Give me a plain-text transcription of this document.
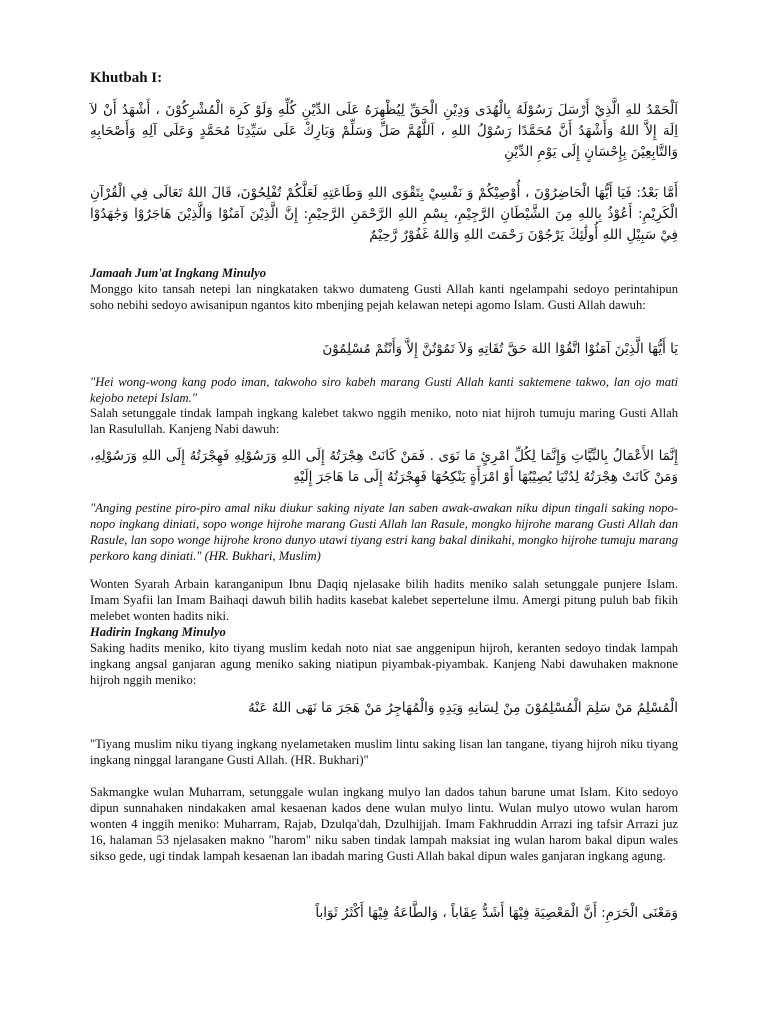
Khutbah I:
اَلْحَمْدُ للهِ الَّذِيْ أَرْسَلَ رَسُوْلَهُ بِالْهُدَى وَدِيْنِ الْحَقِّ لِيُظْهِرَهُ عَلَى الدِّيْنِ كُلِّهِ وَلَوْ كَرِهَ الْمُشْرِكُوْنَ ، أَشْهَدُ أَنْ لاَ اِلَهَ إِلاَّ اللهُ وَأَشْهَدُ أَنَّ مُحَمَّدًا رَسُوْلُ اللهِ ، اَللَّهُمَّ صَلِّ وَسَلِّمْ وَبَارِكْ عَلَى سَيِّدِنَا مُحَمَّدٍ وَعَلَى آلِهِ وَأَصْحَابِهِ وَالتَّابِعِيْنَ بِإِحْسَانٍ إِلَى يَوْمِ الدِّيْنِ
أَمَّا بَعْدُ: فَيَا أَيُّهَا الْحَاضِرُوْنَ ، أُوْصِيْكُمْ وَ نَفْسِيْ بِتَقْوَى اللهِ وَطَاعَتِهِ لَعَلَّكُمْ تُفْلِحُوْنَ، قَالَ اللهُ تَعَالَى فِي الْقُرْآنِ الْكَرِيْمِ: أَعُوْذُ بِاللهِ مِنَ الشَّيْطَانِ الرَّجِيْمِ، بِسْمِ اللهِ الرَّحْمَنِ الرَّحِيْمِ: إِنَّ الَّذِيْنَ آمَنُوْا وَالَّذِيْنَ هَاجَرُوْا وَجَٰهَدُوْا فِيْ سَبِيْلِ اللهِ أُولَٰئِكَ يَرْجُوْنَ رَحْمَتَ اللهِ وَاللهُ غَفُوْرٌ رَّحِيْمٌ
Jamaah Jum'at Ingkang Minulyo
Monggo kito tansah netepi lan ningkataken takwo dumateng Gusti Allah kanti ngelampahi sedoyo perintahipun soho nebihi sedoyo awisanipun ngantos kito mbenjing pejah kelawan netepi agomo Islam. Gusti Allah dawuh:
يَا أَيُّهَا الَّذِيْنَ آمَنُوْا اتَّقُوْا اللهَ حَقَّ تُقَاتِهِ وَلاَ تَمُوْتُنَّ إِلاَّ وَأَنْتُمْ مُسْلِمُوْنَ
"Hei wong-wong kang podo iman, takwoho siro kabeh marang Gusti Allah kanti saktemene takwo, lan ojo mati kejobo netepi Islam."
Salah setunggale tindak lampah ingkang kalebet takwo nggih meniko, noto niat hijroh tumuju maring Gusti Allah lan Rasulullah. Kanjeng Nabi dawuh:
إِنَّمَا الأَعْمَالُ بِالنِّيَّاتِ وَإِنَّمَا لِكُلِّ امْرِئٍ مَا نَوَى . فَمَنْ كَانَتْ هِجْرَتُهُ إِلَى اللهِ وَرَسُوْلِهِ فَهِجْرَتُهُ إِلَى اللهِ وَرَسُوْلِهِ، وَمَنْ كَانَتْ هِجْرَتُهُ لِدُنْيَا يُصِيْبُهَا أَوْ امْرَأَةٍ يَنْكِحُهَا فَهِجْرَتُهُ إِلَى مَا هَاجَرَ إِلَيْهِ
"Anging pestine piro-piro amal niku diukur saking niyate lan saben awak-awakan niku dipun tingali saking nopo-nopo ingkang diniati, sopo wonge hijrohe marang Gusti Allah lan Rasule, mongko hijrohe marang Gusti Allah dan Rasule, lan sopo wonge hijrohe krono dunyo utawi tiyang estri kang bakal dinikahi, mongko hijrohe tumuju marang perkoro kang diniati." (HR. Bukhari, Muslim)
Wonten Syarah Arbain karanganipun Ibnu Daqiq njelasake bilih hadits meniko salah setunggale punjere Islam. Imam Syafii lan Imam Baihaqi dawuh bilih hadits kasebat kalebet sepertelune ilmu. Amergi pitung puluh bab fikih melebet wonten hadits niki.
Hadirin Ingkang Minulyo
Saking hadits meniko, kito tiyang muslim kedah noto niat sae anggenipun hijroh, keranten sedoyo tindak lampah ingkang angsal ganjaran agung meniko saking niatipun piyambak-piyambak. Kanjeng Nabi dawuhaken maknone hijroh nggih meniko:
الْمُسْلِمُ مَنْ سَلِمَ الْمُسْلِمُوْنَ مِنْ لِسَانِهِ وَيَدِهِ وَالْمُهَاجِرُ مَنْ هَجَرَ مَا نَهَى اللهُ عَنْهُ
"Tiyang muslim niku tiyang ingkang nyelametaken muslim lintu saking lisan lan tangane, tiyang hijroh niku tiyang ingkang ninggal larangane Gusti Allah. (HR. Bukhari)"
Sakmangke wulan Muharram, setunggale wulan ingkang mulyo lan dados tahun barune umat Islam. Kito sedoyo dipun sunnahaken nindakaken amal kesaenan kados dene wulan mulyo lintu. Wulan mulyo utowo wulan harom wonten 4 inggih meniko: Muharram, Rajab, Dzulqa'dah, Dzulhijjah. Imam Fakhruddin Arrazi ing tafsir Arrazi juz 16, halaman 53 njelasaken makno "harom" niku saben tindak lampah maksiat ing wulan harom bakal dipun wales sikso gede, ugi tindak lampah kesaenan lan ibadah maring Gusti Allah bakal dipun wales ganjaran ingkang agung.
وَمَعْنَى الْحَرَمِ: أَنَّ الْمَعْصِيَةَ فِيْهَا أَشَدُّ عِقَاباً ، وَالطَّاعَةُ فِيْهَا أَكْثَرُ ثَوَاباً
